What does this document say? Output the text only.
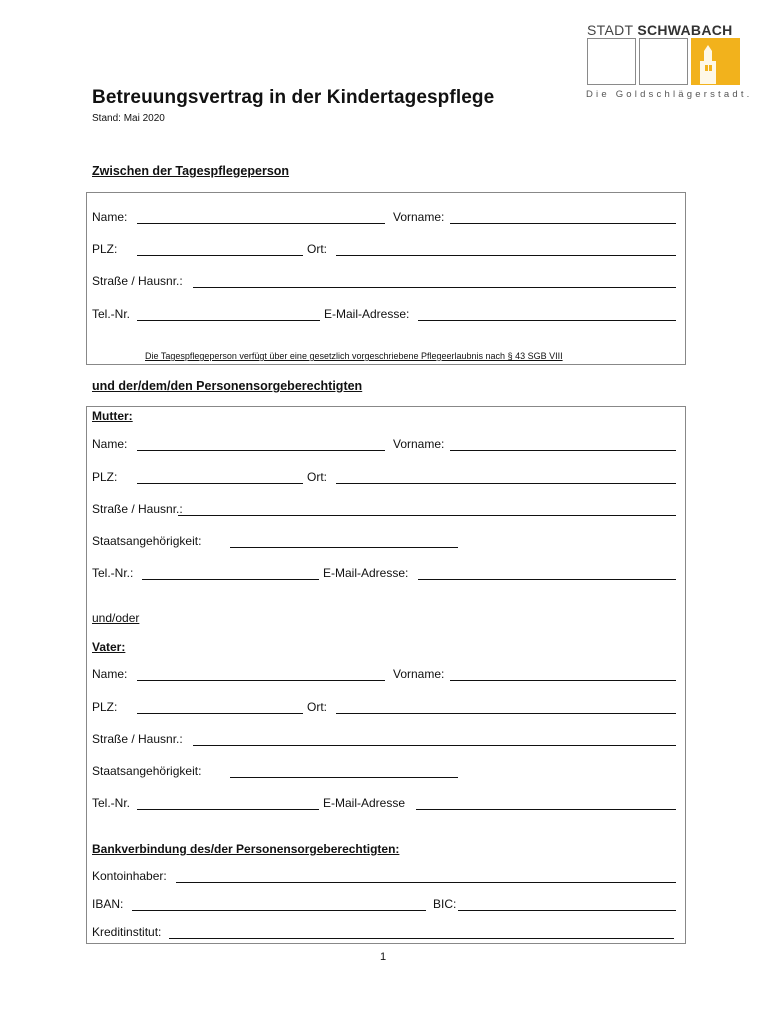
STADT SCHWABACH
Die Goldschlägerstadt.
Betreuungsvertrag in der Kindertagespflege
Stand: Mai 2020
Zwischen der Tagespflegeperson
Name:	Vorname:
PLZ:	Ort:
Straße / Hausnr.:
Tel.-Nr.	E-Mail-Adresse:
Die Tagespflegeperson verfügt über eine gesetzlich vorgeschriebene Pflegeerlaubnis nach § 43 SGB VIII
und der/dem/den Personensorgeberechtigten
Mutter:
Name:	Vorname:
PLZ:	Ort:
Straße / Hausnr.:
Staatsangehörigkeit:
Tel.-Nr.:	E-Mail-Adresse:
und/oder
Vater:
Name:	Vorname:
PLZ:	Ort:
Straße / Hausnr.:
Staatsangehörigkeit:
Tel.-Nr.	E-Mail-Adresse
Bankverbindung des/der Personensorgeberechtigten:
Kontoinhaber:
IBAN:	BIC:
Kreditinstitut:
1
